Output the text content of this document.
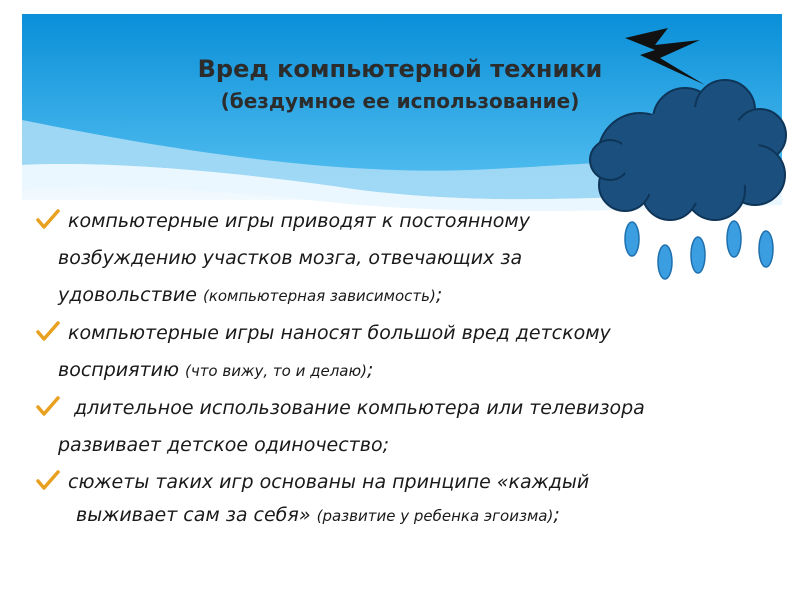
Вред компьютерной техники
(бездумное ее использование)
компьютерные игры приводят к постоянному
возбуждению участков мозга, отвечающих за
удовольствие (компьютерная зависимость);
компьютерные игры наносят большой вред детскому
восприятию (что вижу, то и делаю);
длительное использование компьютера или телевизора
развивает детское одиночество;
сюжеты таких игр основаны на принципе «каждый
выживает сам за себя» (развитие у ребенка эгоизма);
